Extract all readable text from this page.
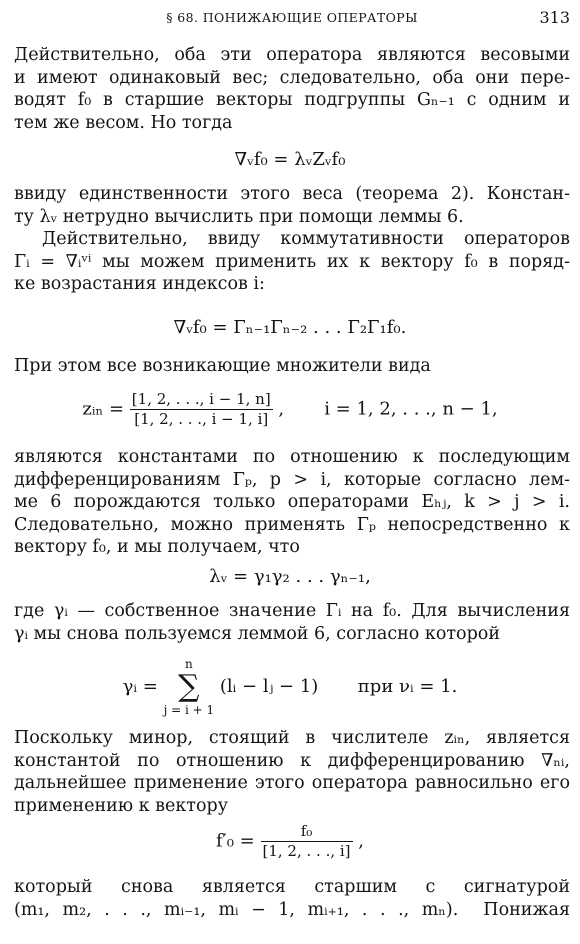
§ 68. ПОНИЖАЮЩИЕ ОПЕРАТОРЫ	313
Действительно, оба эти оператора являются весовыми
и имеют одинаковый вес; следовательно, оба они пере-
водят f₀ в старшие векторы подгруппы Gₙ₋₁ с одним и
тем же весом. Но тогда
∇ᵥf₀ = λᵥZᵥf₀
ввиду единственности этого веса (теорема 2). Констан-
ту λᵥ нетрудно вычислить при помощи леммы 6.
Действительно, ввиду коммутативности операторов
Γᵢ = ∇ᵢᵛⁱ мы можем применить их к вектору f₀ в поряд-
ке возрастания индексов i:
∇ᵥf₀ = Γₙ₋₁Γₙ₋₂ . . . Γ₂Γ₁f₀.
При этом все возникающие множители вида
zᵢₙ = $\frac{[1, 2, . . ., i - 1, n]}{[1, 2, . . ., i - 1, i]}$ ,       i = 1, 2, . . ., n − 1,
являются константами по отношению к последующим
дифференцированиям Γₚ, p > i, которые согласно лем-
ме 6 порождаются только операторами Eₕⱼ, k > j > i.
Следовательно, можно применять Γₚ непосредственно к
вектору f₀, и мы получаем, что
λᵥ = γ₁γ₂ . . . γₙ₋₁,
где γᵢ — собственное значение Γᵢ на f₀. Для вычисления
γᵢ мы снова пользуемся леммой 6, согласно которой
γᵢ =
n
∑
j = i + 1
(lᵢ − lⱼ − 1) при νᵢ = 1.
Поскольку минор, стоящий в числителе zᵢₙ, является
константой по отношению к дифференцированию ∇ₙᵢ,
дальнейшее применение этого оператора равносильно его
применению к вектору
$f'_0 = \frac{\text{f₀}}{[1, 2, . . ., i]}$ ,
который снова является старшим с сигнатурой
(m₁, m₂, . . ., mᵢ₋₁, mᵢ − 1, mᵢ₊₁, . . ., mₙ).  Понижая
